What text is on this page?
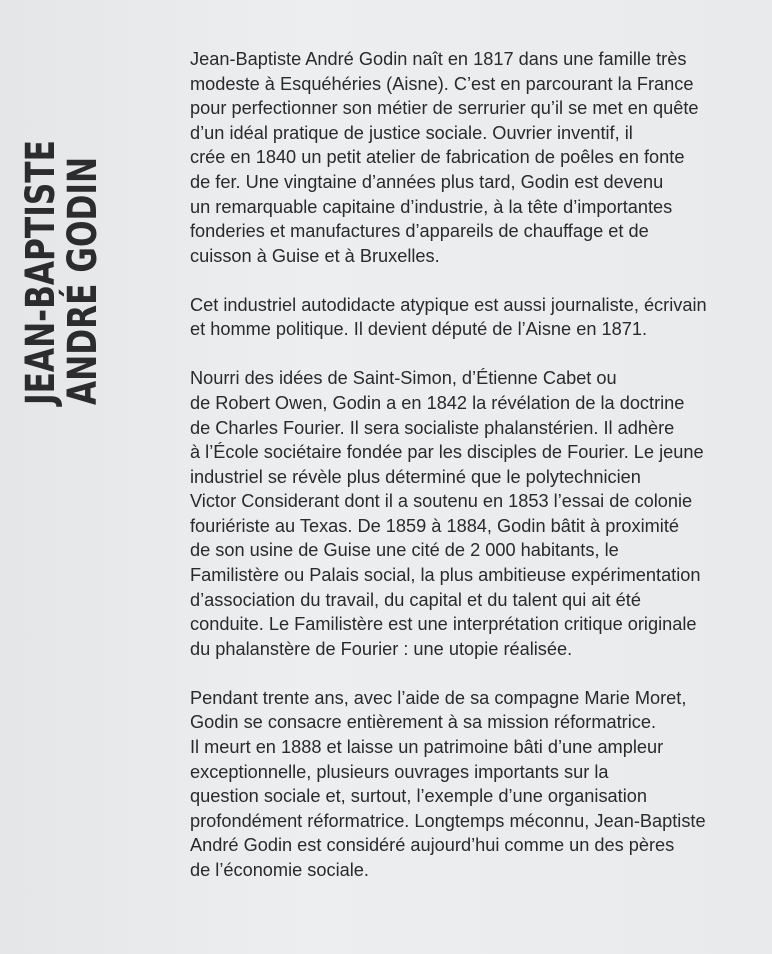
JEAN-BAPTISTE
ANDRÉ GODIN

Jean-Baptiste André Godin naît en 1817 dans une famille très
modeste à Esquéhéries (Aisne). C’est en parcourant la France
pour perfectionner son métier de serrurier qu’il se met en quête
d’un idéal pratique de justice sociale. Ouvrier inventif, il
crée en 1840 un petit atelier de fabrication de poêles en fonte
de fer. Une vingtaine d’années plus tard, Godin est devenu
un remarquable capitaine d’industrie, à la tête d’importantes
fonderies et manufactures d’appareils de chauffage et de
cuisson à Guise et à Bruxelles.

Cet industriel autodidacte atypique est aussi journaliste, écrivain
et homme politique. Il devient député de l’Aisne en 1871.

Nourri des idées de Saint-Simon, d’Étienne Cabet ou
de Robert Owen, Godin a en 1842 la révélation de la doctrine
de Charles Fourier. Il sera socialiste phalanstérien. Il adhère
à l’École sociétaire fondée par les disciples de Fourier. Le jeune
industriel se révèle plus déterminé que le polytechnicien
Victor Considerant dont il a soutenu en 1853 l’essai de colonie
fouriériste au Texas. De 1859 à 1884, Godin bâtit à proximité
de son usine de Guise une cité de 2 000 habitants, le
Familistère ou Palais social, la plus ambitieuse expérimentation
d’association du travail, du capital et du talent qui ait été
conduite. Le Familistère est une interprétation critique originale
du phalanstère de Fourier : une utopie réalisée.

Pendant trente ans, avec l’aide de sa compagne Marie Moret,
Godin se consacre entièrement à sa mission réformatrice.
Il meurt en 1888 et laisse un patrimoine bâti d’une ampleur
exceptionnelle, plusieurs ouvrages importants sur la
question sociale et, surtout, l’exemple d’une organisation
profondément réformatrice. Longtemps méconnu, Jean-Baptiste
André Godin est considéré aujourd’hui comme un des pères
de l’économie sociale.
